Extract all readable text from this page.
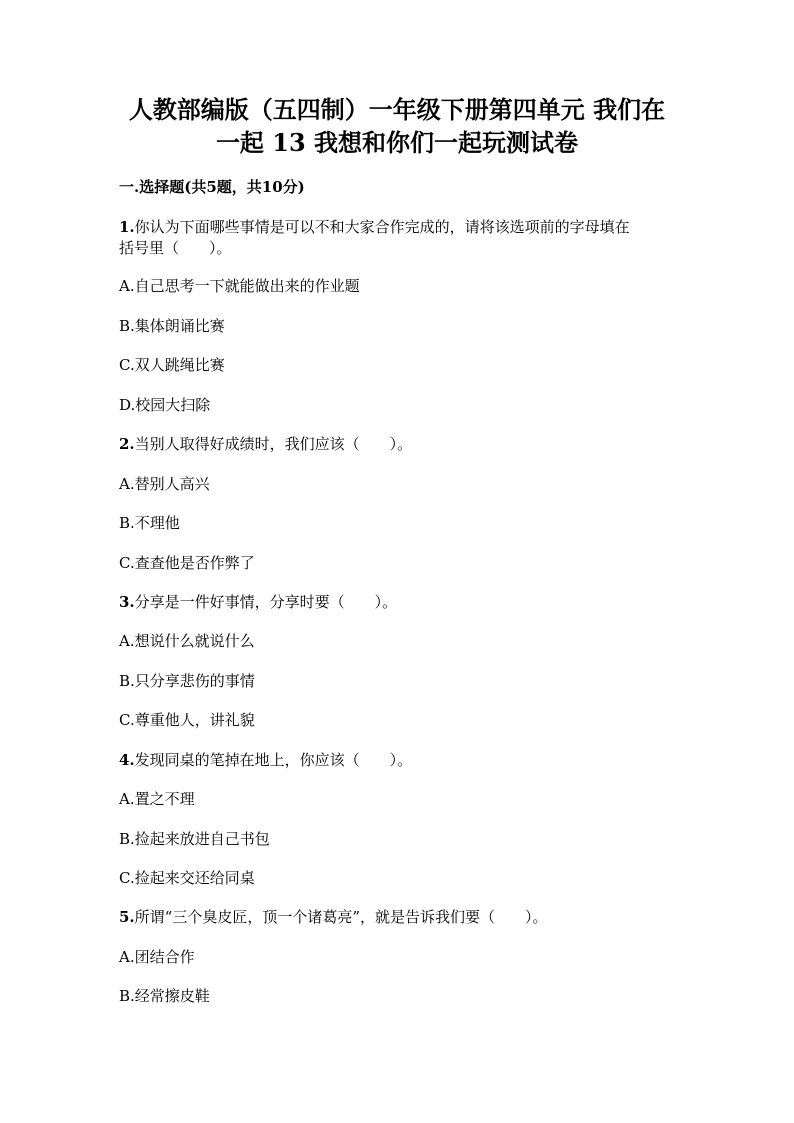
人教部编版（五四制）一年级下册第四单元 我们在
一起 13 我想和你们一起玩测试卷
一.选择题(共5题，共10分)
1.你认为下面哪些事情是可以不和大家合作完成的，请将该选项前的字母填在
括号里（　　）。
A.自己思考一下就能做出来的作业题
B.集体朗诵比赛
C.双人跳绳比赛
D.校园大扫除
2.当别人取得好成绩时，我们应该（　　）。
A.替别人高兴
B.不理他
C.查查他是否作弊了
3.分享是一件好事情，分享时要（　　）。
A.想说什么就说什么
B.只分享悲伤的事情
C.尊重他人，讲礼貌
4.发现同桌的笔掉在地上，你应该（　　）。
A.置之不理
B.捡起来放进自己书包
C.捡起来交还给同桌
5.所谓“三个臭皮匠，顶一个诸葛亮”，就是告诉我们要（　　）。
A.团结合作
B.经常擦皮鞋
